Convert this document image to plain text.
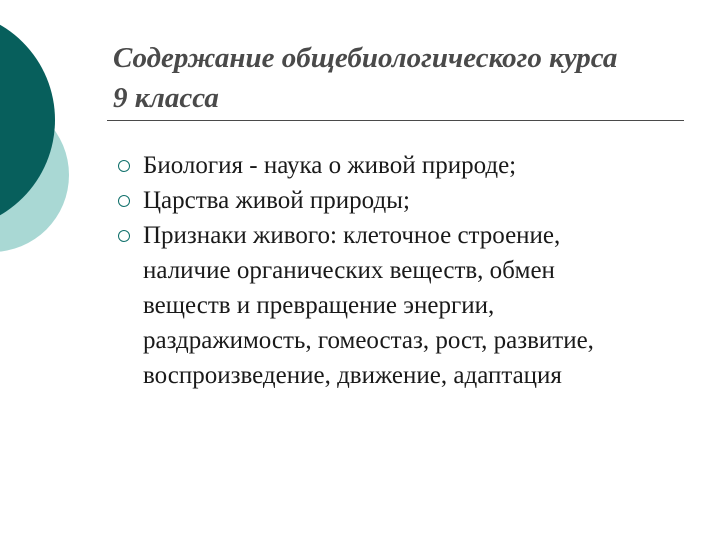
Содержание общебиологического курса
9 класса
Биология - наука о живой природе;
Царства живой природы;
Признаки живого: клеточное строение,
наличие органических веществ, обмен
веществ и превращение энергии,
раздражимость, гомеостаз, рост, развитие,
воспроизведение, движение, адаптация
